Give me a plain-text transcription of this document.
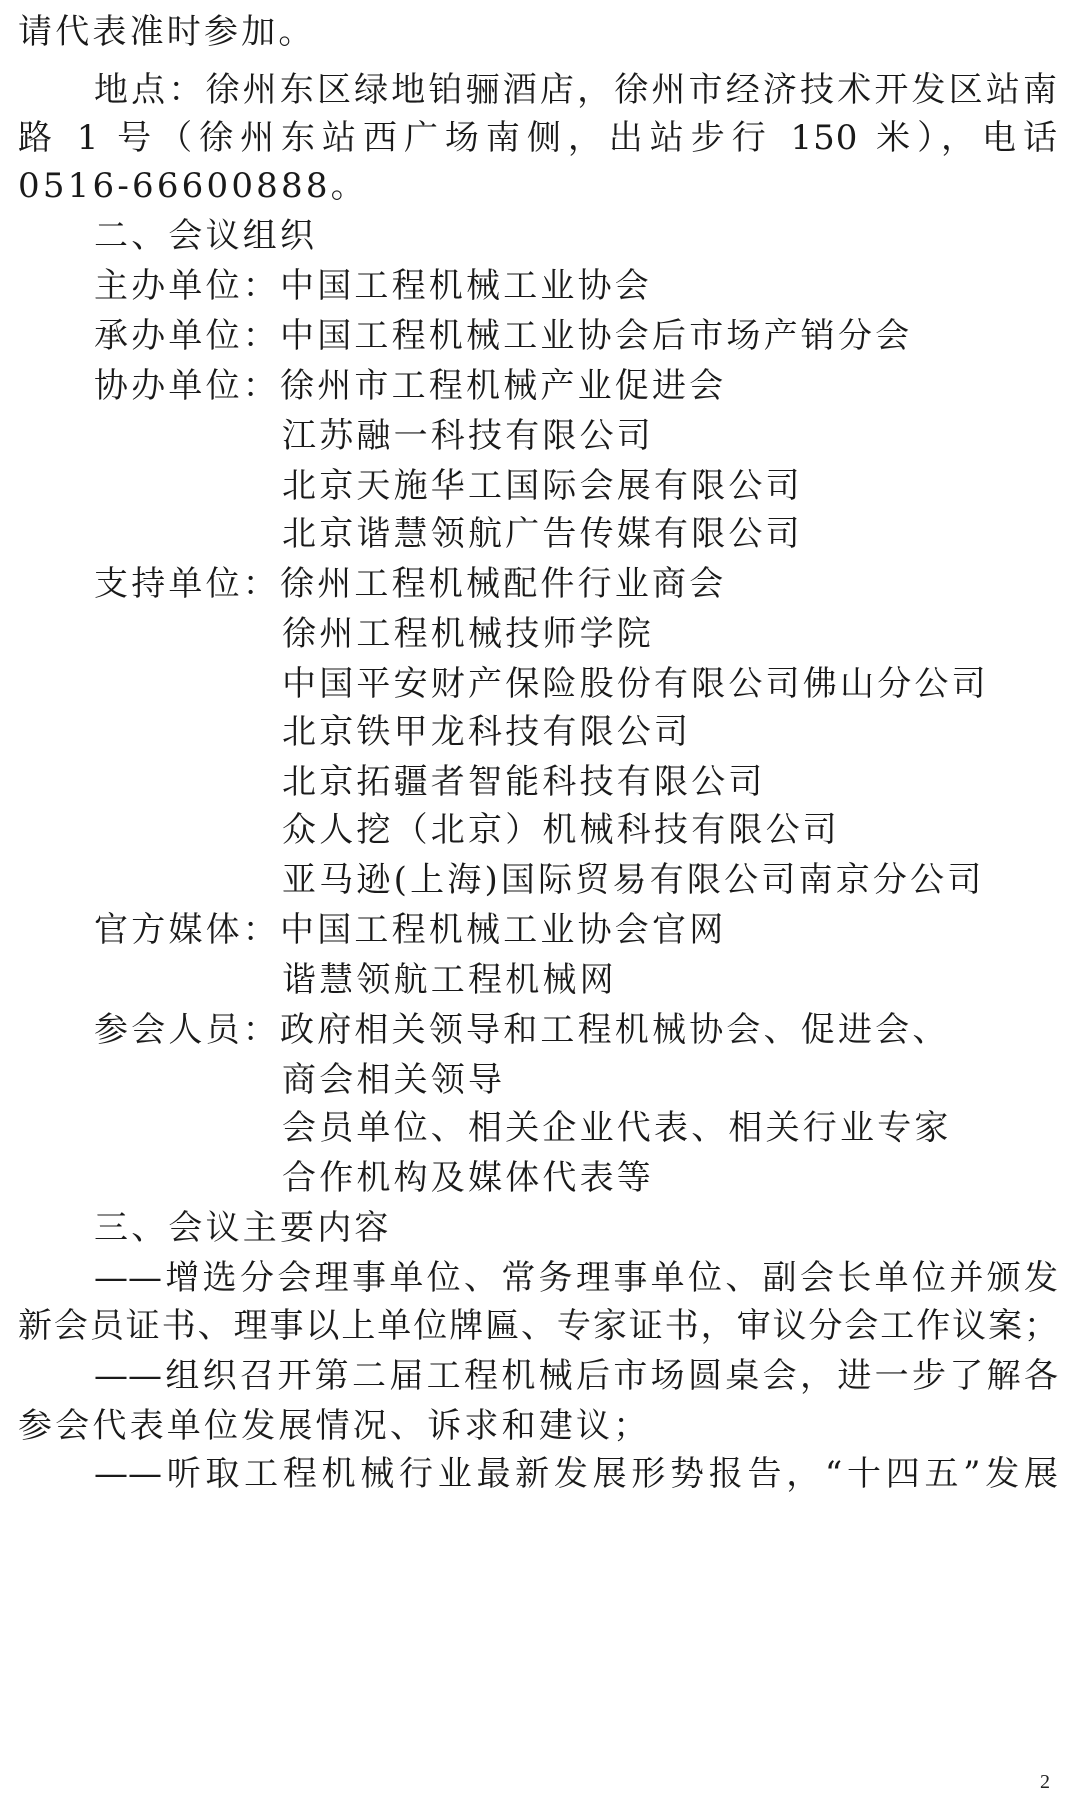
请代表准时参加。
地点：徐州东区绿地铂骊酒店，徐州市经济技术开发区站南
路 1 号（徐州东站西广场南侧，出站步行 150 米），电话
0516-66600888。
二、会议组织
主办单位：中国工程机械工业协会
承办单位：中国工程机械工业协会后市场产销分会
协办单位：徐州市工程机械产业促进会
江苏融一科技有限公司
北京天施华工国际会展有限公司
北京谐慧领航广告传媒有限公司
支持单位：徐州工程机械配件行业商会
徐州工程机械技师学院
中国平安财产保险股份有限公司佛山分公司
北京铁甲龙科技有限公司
北京拓疆者智能科技有限公司
众人挖（北京）机械科技有限公司
亚马逊(上海)国际贸易有限公司南京分公司
官方媒体：中国工程机械工业协会官网
谐慧领航工程机械网
参会人员：政府相关领导和工程机械协会、促进会、
商会相关领导
会员单位、相关企业代表、相关行业专家
合作机构及媒体代表等
三、会议主要内容
——增选分会理事单位、常务理事单位、副会长单位并颁发
新会员证书、理事以上单位牌匾、专家证书，审议分会工作议案；
——组织召开第二届工程机械后市场圆桌会，进一步了解各
参会代表单位发展情况、诉求和建议；
——听取工程机械行业最新发展形势报告，“十四五”发展
2
